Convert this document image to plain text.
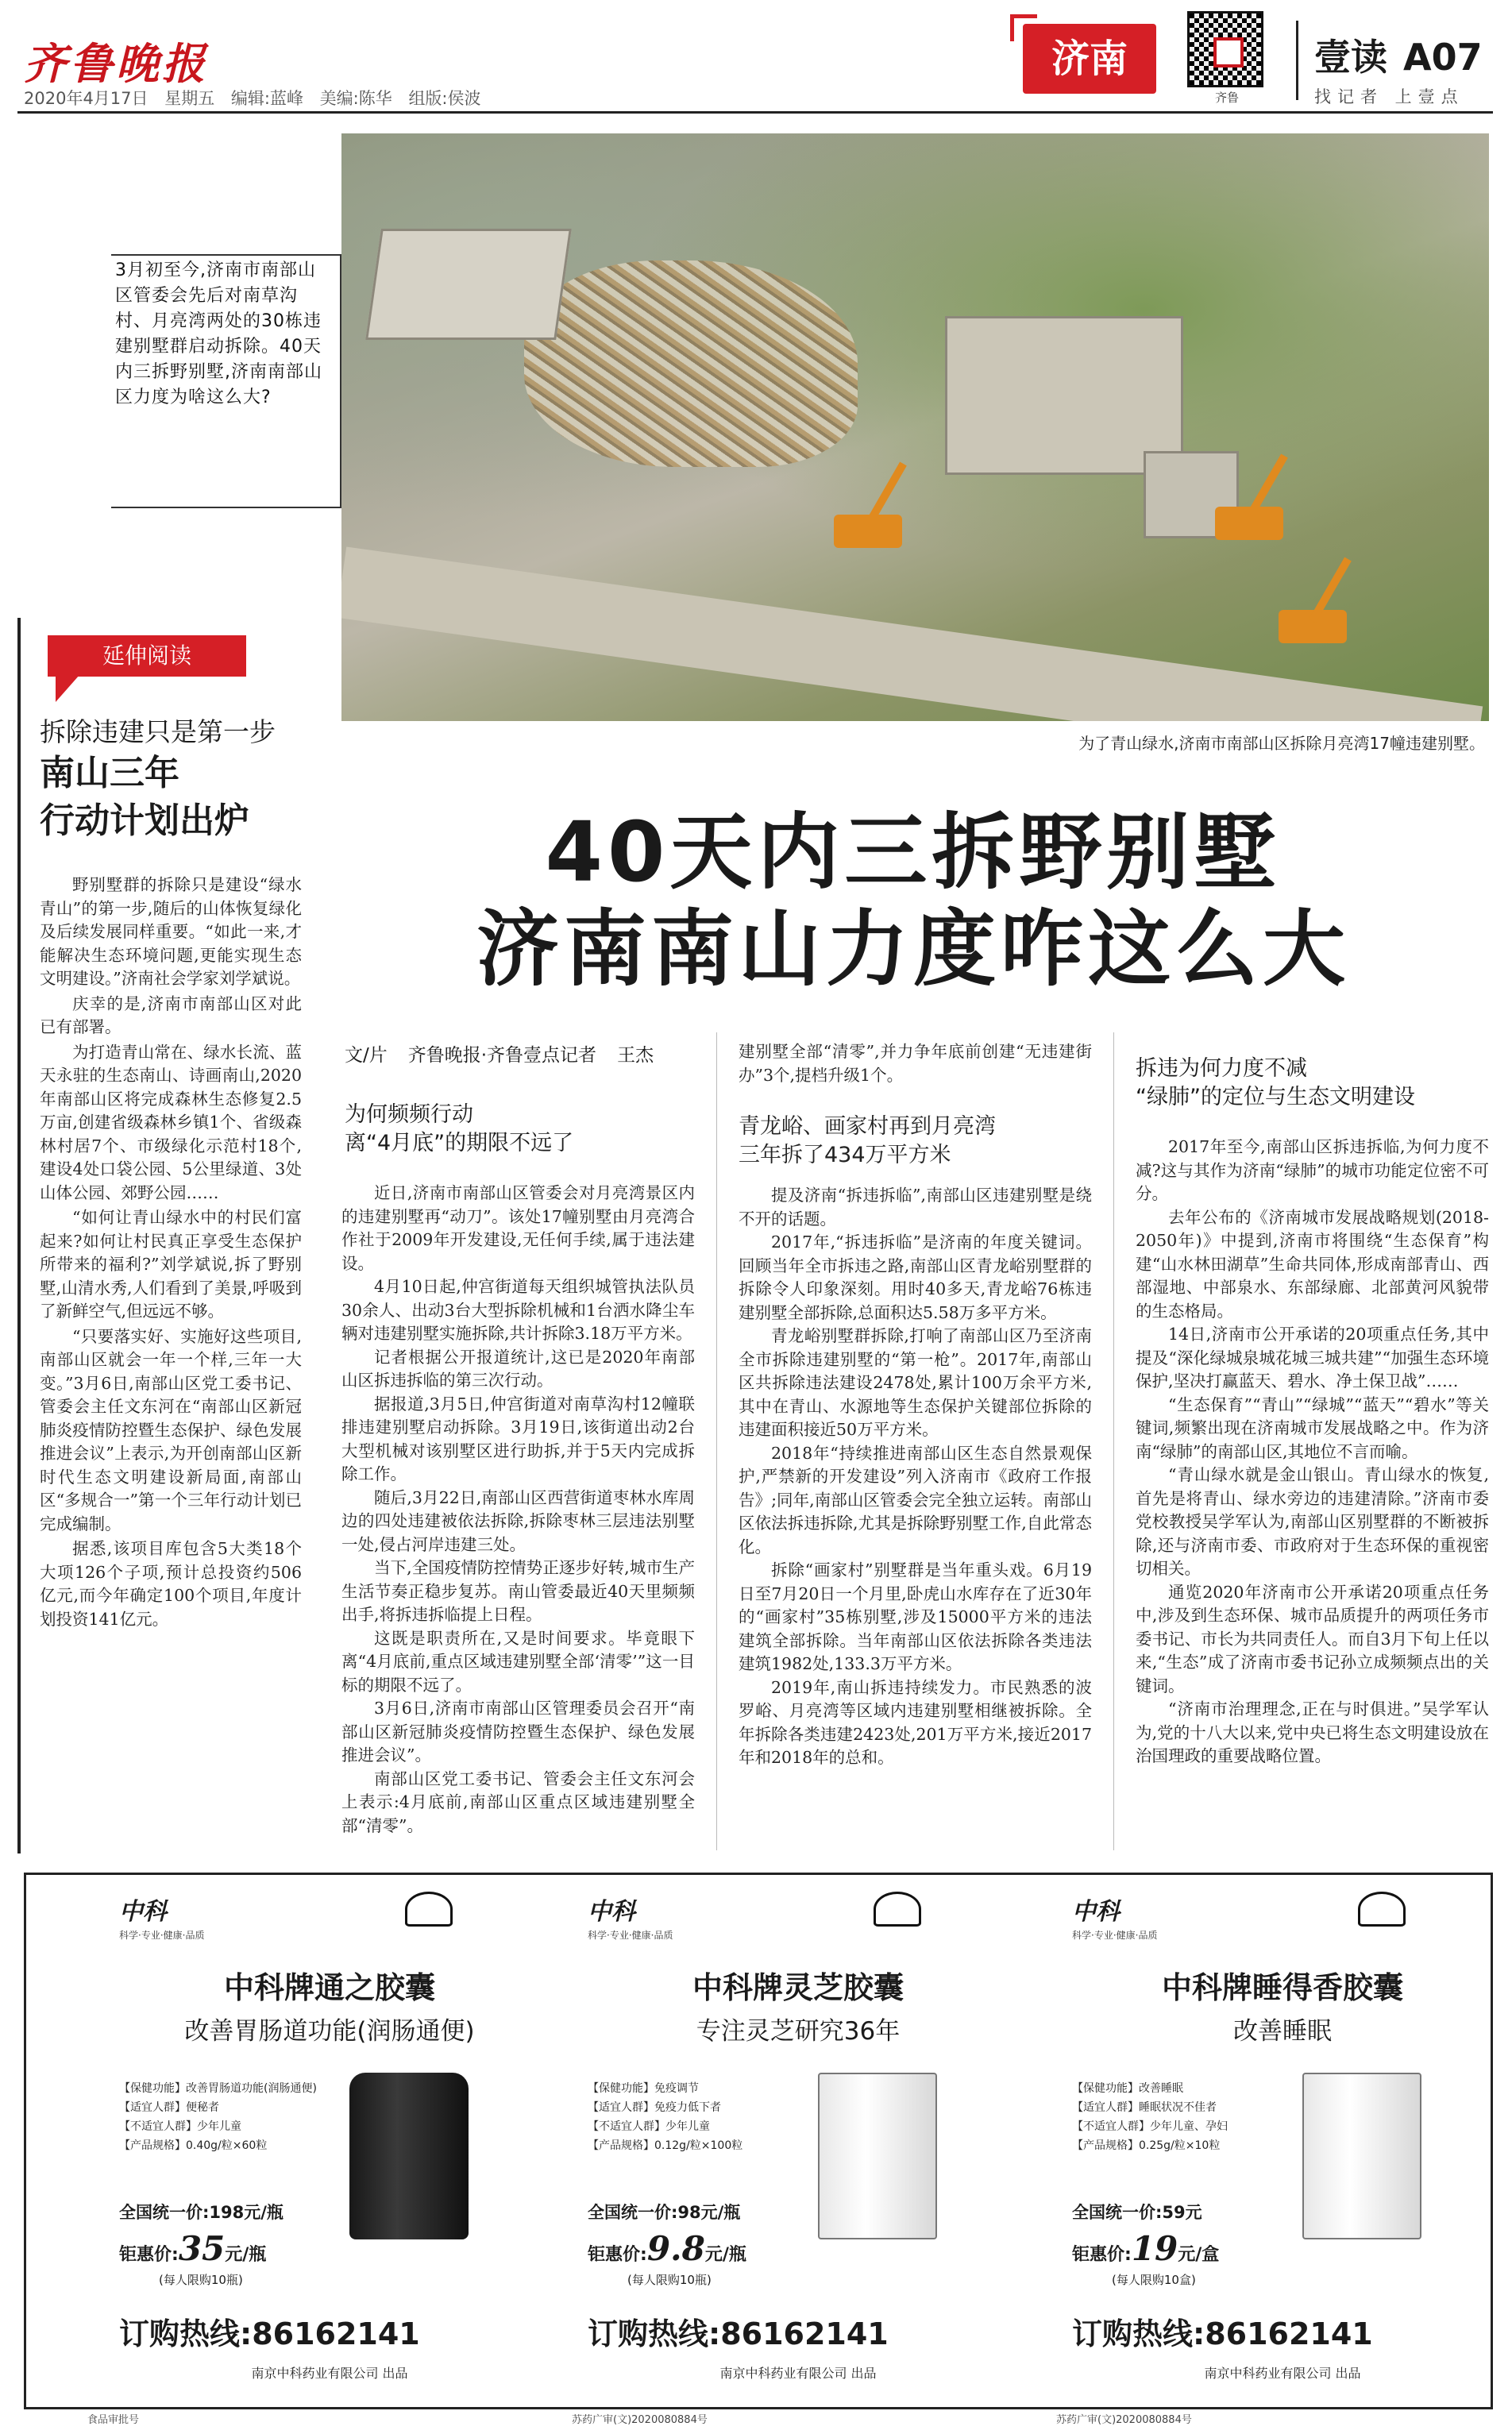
齐鲁晚报
2020年4月17日 星期五 编辑:蓝峰 美编:陈华 组版:侯波
济南
齐鲁
壹读 A07
找记者 上壹点
为了青山绿水,济南市南部山区拆除月亮湾17幢违建别墅。
3月初至今,济南市南部山区管委会先后对南草沟村、月亮湾两处的30栋违建别墅群启动拆除。40天内三拆野别墅,济南南部山区力度为啥这么大?
延伸阅读
拆除违建只是第一步
南山三年
行动计划出炉

野别墅群的拆除只是建设“绿水青山”的第一步,随后的山体恢复绿化及后续发展同样重要。“如此一来,才能解决生态环境问题,更能实现生态文明建设。”济南社会学家刘学斌说。

庆幸的是,济南市南部山区对此已有部署。

为打造青山常在、绿水长流、蓝天永驻的生态南山、诗画南山,2020年南部山区将完成森林生态修复2.5万亩,创建省级森林乡镇1个、省级森林村居7个、市级绿化示范村18个,建设4处口袋公园、5公里绿道、3处山体公园、郊野公园……

“如何让青山绿水中的村民们富起来?如何让村民真正享受生态保护所带来的福利?”刘学斌说,拆了野别墅,山清水秀,人们看到了美景,呼吸到了新鲜空气,但远远不够。

“只要落实好、实施好这些项目,南部山区就会一年一个样,三年一大变。”3月6日,南部山区党工委书记、管委会主任文东河在“南部山区新冠肺炎疫情防控暨生态保护、绿色发展推进会议”上表示,为开创南部山区新时代生态文明建设新局面,南部山区“多规合一”第一个三年行动计划已完成编制。

据悉,该项目库包含5大类18个大项126个子项,预计总投资约506亿元,而今年确定100个项目,年度计划投资141亿元。

40天内三拆野别墅
济南南山力度咋这么大
文/片 齐鲁晚报·齐鲁壹点记者 王杰
为何频频行动
离“4月底”的期限不远了

近日,济南市南部山区管委会对月亮湾景区内的违建别墅再“动刀”。该处17幢别墅由月亮湾合作社于2009年开发建设,无任何手续,属于违法建设。

4月10日起,仲宫街道每天组织城管执法队员30余人、出动3台大型拆除机械和1台洒水降尘车辆对违建别墅实施拆除,共计拆除3.18万平方米。

记者根据公开报道统计,这已是2020年南部山区拆违拆临的第三次行动。

据报道,3月5日,仲宫街道对南草沟村12幢联排违建别墅启动拆除。3月19日,该街道出动2台大型机械对该别墅区进行助拆,并于5天内完成拆除工作。

随后,3月22日,南部山区西营街道枣林水库周边的四处违建被依法拆除,拆除枣林三层违法别墅一处,侵占河岸违建三处。

当下,全国疫情防控情势正逐步好转,城市生产生活节奏正稳步复苏。南山管委最近40天里频频出手,将拆违拆临提上日程。

这既是职责所在,又是时间要求。毕竟眼下离“4月底前,重点区域违建别墅全部‘清零’”这一目标的期限不远了。

3月6日,济南市南部山区管理委员会召开“南部山区新冠肺炎疫情防控暨生态保护、绿色发展推进会议”。

南部山区党工委书记、管委会主任文东河会上表示:4月底前,南部山区重点区域违建别墅全部“清零”。

建别墅全部“清零”,并力争年底前创建“无违建街办”3个,提档升级1个。

青龙峪、画家村再到月亮湾
三年拆了434万平方米

提及济南“拆违拆临”,南部山区违建别墅是绕不开的话题。

2017年,“拆违拆临”是济南的年度关键词。回顾当年全市拆违之路,南部山区青龙峪别墅群的拆除令人印象深刻。用时40多天,青龙峪76栋违建别墅全部拆除,总面积达5.58万多平方米。

青龙峪别墅群拆除,打响了南部山区乃至济南全市拆除违建别墅的“第一枪”。2017年,南部山区共拆除违法建设2478处,累计100万余平方米,其中在青山、水源地等生态保护关键部位拆除的违建面积接近50万平方米。

2018年“持续推进南部山区生态自然景观保护,严禁新的开发建设”列入济南市《政府工作报告》;同年,南部山区管委会完全独立运转。南部山区依法拆违拆除,尤其是拆除野别墅工作,自此常态化。

拆除“画家村”别墅群是当年重头戏。6月19日至7月20日一个月里,卧虎山水库存在了近30年的“画家村”35栋别墅,涉及15000平方米的违法建筑全部拆除。当年南部山区依法拆除各类违法建筑1982处,133.3万平方米。

2019年,南山拆违持续发力。市民熟悉的波罗峪、月亮湾等区域内违建别墅相继被拆除。全年拆除各类违建2423处,201万平方米,接近2017年和2018年的总和。

拆违为何力度不减
“绿肺”的定位与生态文明建设

2017年至今,南部山区拆违拆临,为何力度不减?这与其作为济南“绿肺”的城市功能定位密不可分。

去年公布的《济南城市发展战略规划(2018-2050年)》中提到,济南市将围绕“生态保育”构建“山水林田湖草”生命共同体,形成南部青山、西部湿地、中部泉水、东部绿廊、北部黄河风貌带的生态格局。

14日,济南市公开承诺的20项重点任务,其中提及“深化绿城泉城花城三城共建”“加强生态环境保护,坚决打赢蓝天、碧水、净土保卫战”……

“生态保育”“青山”“绿城”“蓝天”“碧水”等关键词,频繁出现在济南城市发展战略之中。作为济南“绿肺”的南部山区,其地位不言而喻。

“青山绿水就是金山银山。青山绿水的恢复,首先是将青山、绿水旁边的违建清除。”济南市委党校教授吴学军认为,南部山区别墅群的不断被拆除,还与济南市委、市政府对于生态环保的重视密切相关。

通览2020年济南市公开承诺20项重点任务中,涉及到生态环保、城市品质提升的两项任务市委书记、市长为共同责任人。而自3月下旬上任以来,“生态”成了济南市委书记孙立成频频点出的关键词。

“济南市治理理念,正在与时俱进。”吴学军认为,党的十八大以来,党中央已将生态文明建设放在治国理政的重要战略位置。

中科
科学·专业·健康·品质
中科牌通之胶囊
改善胃肠道功能(润肠通便)
【保健功能】改善胃肠道功能(润肠通便)
【适宜人群】便秘者
【不适宜人群】少年儿童
【产品规格】0.40g/粒×60粒
全国统一价:198元/瓶
钜惠价:35元/瓶
(每人限购10瓶)
订购热线:86162141
南京中科药业有限公司 出品
中科
科学·专业·健康·品质
中科牌灵芝胶囊
专注灵芝研究36年
【保健功能】免疫调节
【适宜人群】免疫力低下者
【不适宜人群】少年儿童
【产品规格】0.12g/粒×100粒
全国统一价:98元/瓶
钜惠价:9.8元/瓶
(每人限购10瓶)
订购热线:86162141
南京中科药业有限公司 出品
中科
科学·专业·健康·品质
中科牌睡得香胶囊
改善睡眠
【保健功能】改善睡眠
【适宜人群】睡眠状况不佳者
【不适宜人群】少年儿童、孕妇
【产品规格】0.25g/粒×10粒
全国统一价:59元
钜惠价:19元/盒
(每人限购10盒)
订购热线:86162141
南京中科药业有限公司 出品
食品审批号	苏药广审(文)2020080884号	苏药广审(文)2020080884号
